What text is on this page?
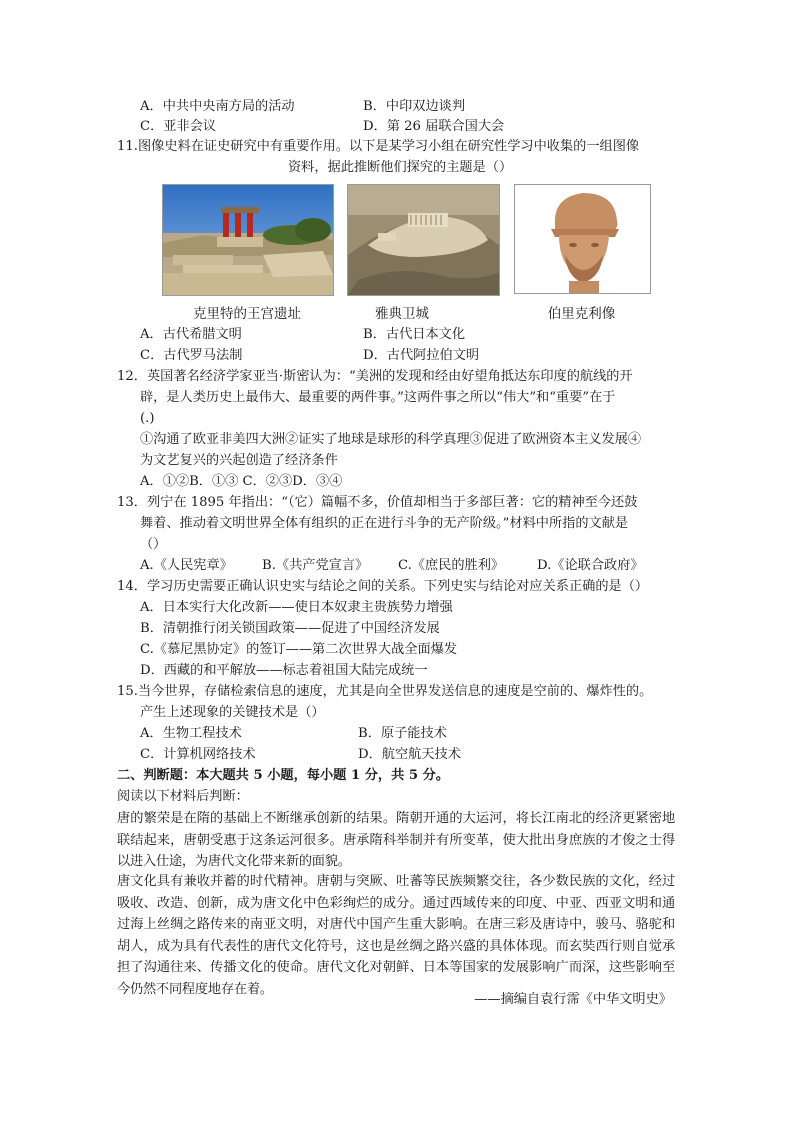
A．中共中央南方局的活动	B．中印双边谈判
C．亚非会议	D．第 26 届联合国大会
11.图像史料在证史研究中有重要作用。以下是某学习小组在研究性学习中收集的一组图像
资料，据此推断他们探究的主题是（）
克里特的王宫遗址	雅典卫城	伯里克利像
A．古代希腊文明	B．古代日本文化
C．古代罗马法制	D．古代阿拉伯文明
12．英国著名经济学家亚当·斯密认为：“美洲的发现和经由好望角抵达东印度的航线的开
辟，是人类历史上最伟大、最重要的两件事。”这两件事之所以“伟大”和“重要”在于
(.)
①沟通了欧亚非美四大洲②证实了地球是球形的科学真理③促进了欧洲资本主义发展④
为文艺复兴的兴起创造了经济条件
A．①②B．①③ C．②③D．③④
13．列宁在 1895 年指出：“（它）篇幅不多，价值却相当于多部巨著：它的精神至今还鼓
舞着、推动着文明世界全体有组织的正在进行斗争的无产阶级。”材料中所指的文献是
（）
A.《人民宪章》 B.《共产党宣言》 C.《庶民的胜利》 D.《论联合政府》
14．学习历史需要正确认识史实与结论之间的关系。下列史实与结论对应关系正确的是（）
A．日本实行大化改新——使日本奴隶主贵族势力增强
B．清朝推行闭关锁国政策——促进了中国经济发展
C.《慕尼黑协定》的签订——第二次世界大战全面爆发
D．西藏的和平解放——标志着祖国大陆完成统一
15.当今世界，存储检索信息的速度，尤其是向全世界发送信息的速度是空前的、爆炸性的。
产生上述现象的关键技术是（）
A．生物工程技术	B．原子能技术
C．计算机网络技术	D．航空航天技术
二、判断题：本大题共 5 小题，每小题 1 分，共 5 分。
阅读以下材料后判断：
唐的繁荣是在隋的基础上不断继承创新的结果。隋朝开通的大运河，将长江南北的经济更紧密地联结起来，唐朝受惠于这条运河很多。唐承隋科举制并有所变革，使大批出身庶族的才俊之士得以进入仕途，为唐代文化带来新的面貌。
唐文化具有兼收并蓄的时代精神。唐朝与突厥、吐蕃等民族频繁交往，各少数民族的文化，经过吸收、改造、创新，成为唐文化中色彩绚烂的成分。通过西域传来的印度、中亚、西亚文明和通过海上丝绸之路传来的南亚文明，对唐代中国产生重大影响。在唐三彩及唐诗中，骏马、骆驼和胡人，成为具有代表性的唐代文化符号，这也是丝绸之路兴盛的具体体现。而玄奘西行则自觉承担了沟通往来、传播文化的使命。唐代文化对朝鲜、日本等国家的发展影响广而深，这些影响至今仍然不同程度地存在着。
——摘编自袁行霈《中华文明史》
